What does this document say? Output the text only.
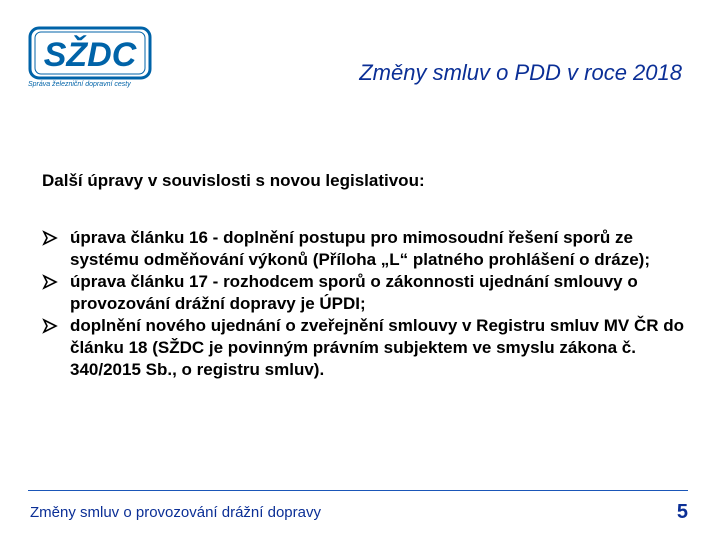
SŽDC
Správa železniční dopravní cesty	Změny smluv o PDD v roce 2018
Další úpravy v souvislosti s novou legislativou:
úprava článku 16 - doplnění postupu pro mimosoudní řešení sporů ze systému odměňování výkonů (Příloha „L“ platného prohlášení o dráze);
úprava článku 17 - rozhodcem sporů o zákonnosti ujednání smlouvy o provozování drážní dopravy je ÚPDI;
doplnění nového ujednání o zveřejnění smlouvy v Registru smluv MV ČR do článku 18 (SŽDC je povinným právním subjektem ve smyslu zákona č. 340/2015 Sb., o registru smluv).
Změny smluv o provozování drážní dopravy	5
